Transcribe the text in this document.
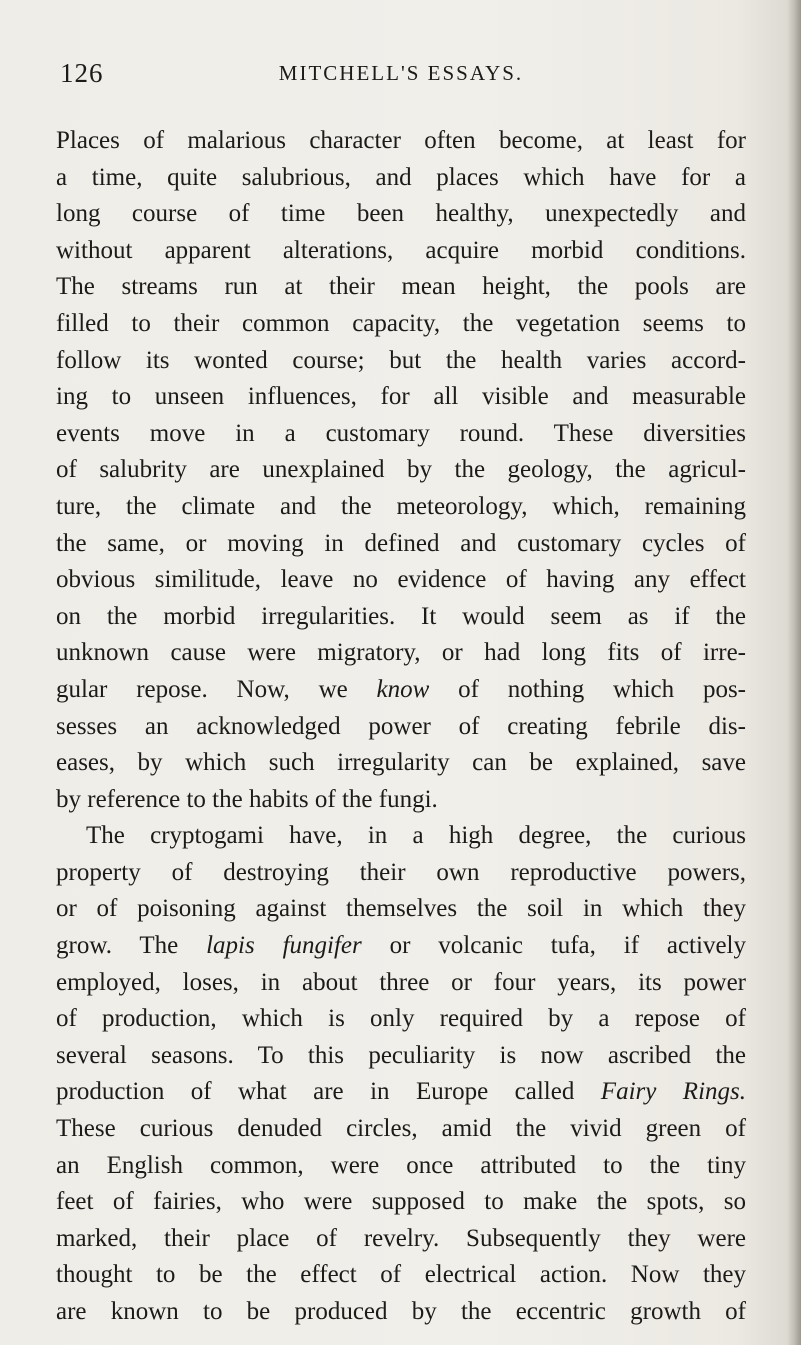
126	MITCHELL'S ESSAYS.
Places of malarious character often become, at least for
a time, quite salubrious, and places which have for a
long course of time been healthy, unexpectedly and
without apparent alterations, acquire morbid conditions.
The streams run at their mean height, the pools are
filled to their common capacity, the vegetation seems to
follow its wonted course; but the health varies accord-
ing to unseen influences, for all visible and measurable
events move in a customary round. These diversities
of salubrity are unexplained by the geology, the agricul-
ture, the climate and the meteorology, which, remaining
the same, or moving in defined and customary cycles of
obvious similitude, leave no evidence of having any effect
on the morbid irregularities. It would seem as if the
unknown cause were migratory, or had long fits of irre-
gular repose. Now, we know of nothing which pos-
sesses an acknowledged power of creating febrile dis-
eases, by which such irregularity can be explained, save
by reference to the habits of the fungi.
The cryptogami have, in a high degree, the curious
property of destroying their own reproductive powers,
or of poisoning against themselves the soil in which they
grow. The lapis fungifer or volcanic tufa, if actively
employed, loses, in about three or four years, its power
of production, which is only required by a repose of
several seasons. To this peculiarity is now ascribed the
production of what are in Europe called Fairy Rings.
These curious denuded circles, amid the vivid green of
an English common, were once attributed to the tiny
feet of fairies, who were supposed to make the spots, so
marked, their place of revelry. Subsequently they were
thought to be the effect of electrical action. Now they
are known to be produced by the eccentric growth of
